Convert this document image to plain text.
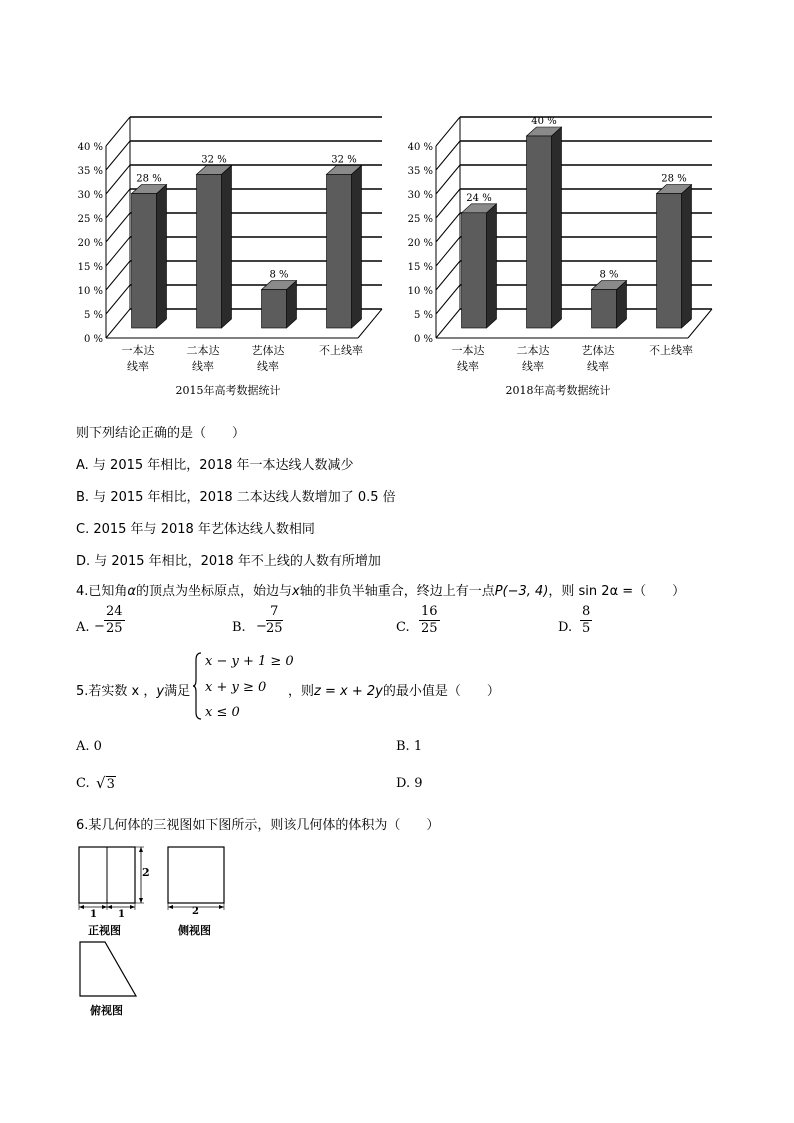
0 %
5 %
10 %
15 %
20 %
25 %
30 %
35 %
40 %
28 %
一本达
线率
32 %
二本达
线率
8 %
艺体达
线率
32 %
不上线率
2015年高考数据统计
0 %
5 %
10 %
15 %
20 %
25 %
30 %
35 %
40 %
24 %
一本达
线率
40 %
二本达
线率
8 %
艺体达
线率
28 %
不上线率
2018年高考数据统计
则下列结论正确的是（　　）
A. 与 2015 年相比，2018 年一本达线人数减少
B. 与 2015 年相比，2018 二本达线人数增加了 0.5 倍
C. 2015 年与 2018 年艺体达线人数相同
D. 与 2015 年相比，2018 年不上线的人数有所增加
4.已知角α的顶点为坐标原点，始边与x轴的非负半轴重合，终边上有一点P(−3, 4)，则 sin 2α =（　　）
A. − $\frac{24}{25}$	B. − $\frac{7}{25}$	C. $\frac{16}{25}$	D. $\frac{8}{5}$
5.若实数 x ，y满足
x − y + 1 ≥ 0
x + y ≥ 0
x ≤ 0
，则z = x + 2y的最小值是（　　）
A. 0	B. 1
C. √3	D. 9
6.某几何体的三视图如下图所示，则该几何体的体积为（　　）
2
1 1
正视图
2
侧视图
俯视图
